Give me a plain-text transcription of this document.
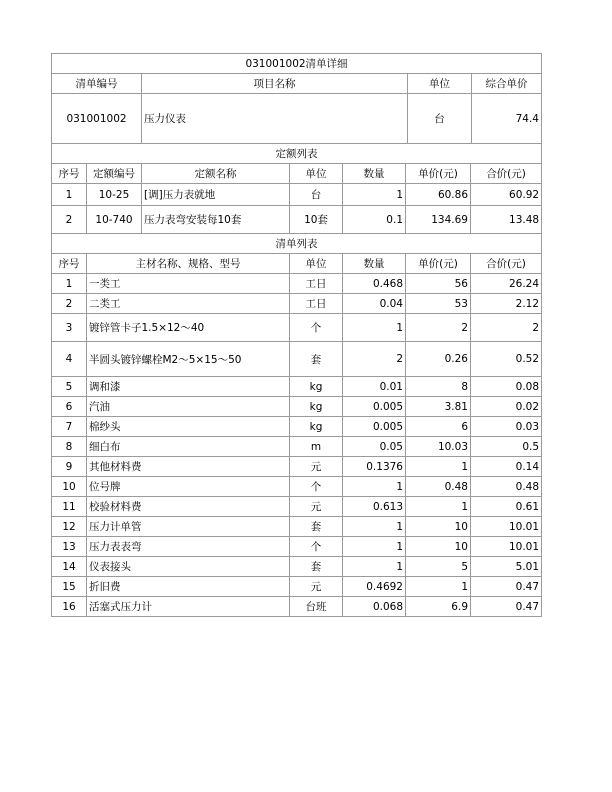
031001002清单详细			
清单编号	项目名称	单位	综合单价
031001002	压力仪表	台	74.4
定额列表						
序号	定额编号	定额名称	单位	数量	单价(元)	合价(元)
1	10-25	[调]压力表就地	台	1	60.86	60.92
2	10-740	压力表弯安装每10套	10套	0.1	134.69	13.48
清单列表					
序号	主材名称、规格、型号	单位	数量	单价(元)	合价(元)
1	一类工	工日	0.468	56	26.24
2	二类工	工日	0.04	53	2.12
3	镀锌管卡子1.5×12～40	个	1	2	2
4	半圆头镀锌螺栓M2～5×15～50	套	2	0.26	0.52
5	调和漆	kg	0.01	8	0.08
6	汽油	kg	0.005	3.81	0.02
7	棉纱头	kg	0.005	6	0.03
8	细白布	m	0.05	10.03	0.5
9	其他材料费	元	0.1376	1	0.14
10	位号牌	个	1	0.48	0.48
11	校验材料费	元	0.613	1	0.61
12	压力计单管	套	1	10	10.01
13	压力表表弯	个	1	10	10.01
14	仪表接头	套	1	5	5.01
15	折旧费	元	0.4692	1	0.47
16	活塞式压力计	台班	0.068	6.9	0.47
